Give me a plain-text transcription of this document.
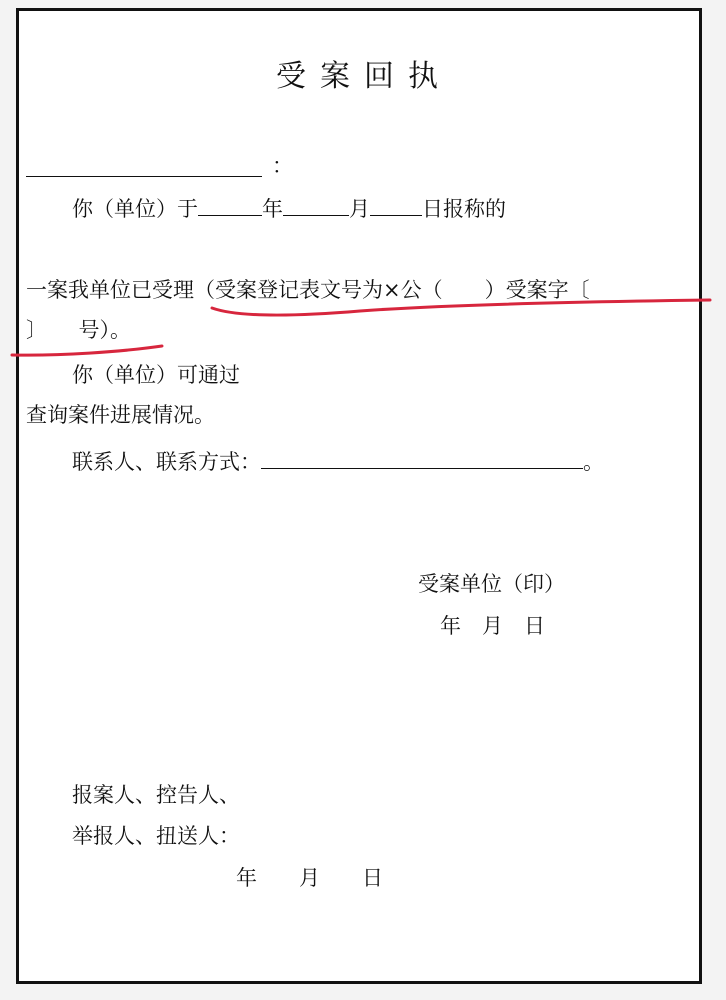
受案回执
：
你（单位）于	年	月 日报称的
一案我单位已受理（受案登记表文号为×公（　　）受案字〔
〕　　号）。
你（单位）可通过
查询案件进展情况。
联系人、联系方式：	。
受案单位（印）
年　月　日
报案人、控告人、
举报人、扭送人：
年　　月　　日
